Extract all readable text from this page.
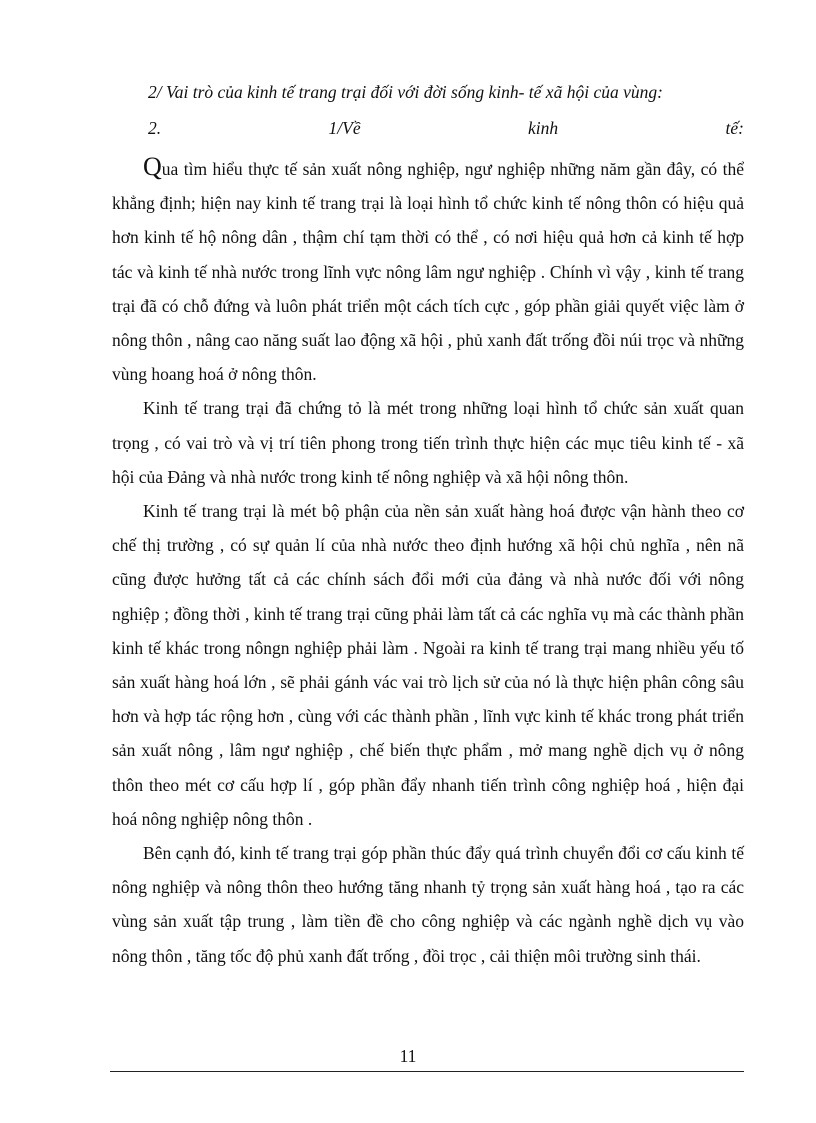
2/ Vai trò của kinh tế trang trại đối với đời sống kinh- tế xã hội của vùng:
2.	1/Về	kinh	tế:

Qua tìm hiểu thực tế sản xuất nông nghiệp, ngư nghiệp những năm gần đây, có thể khẳng định; hiện nay kinh tế trang trại là loại hình tổ chức kinh tế nông thôn có hiệu quả hơn kinh tế hộ nông dân , thậm chí tạm thời có thể , có nơi hiệu quả hơn cả kinh tế hợp tác và kinh tế nhà nước trong lĩnh vực nông lâm ngư nghiệp . Chính vì vậy , kinh tế trang trại đã có chỗ đứng và luôn phát triển một cách tích cực , góp phần giải quyết việc làm ở nông thôn , nâng cao năng suất lao động xã hội , phủ xanh đất trống đồi núi trọc và những vùng hoang hoá ở nông thôn.

Kinh tế trang trại đã chứng tỏ là mét trong những loại hình tổ chức sản xuất quan trọng , có vai trò và vị trí tiên phong trong tiến trình thực hiện các mục tiêu kinh tế - xã hội của Đảng và nhà nước trong kinh tế nông nghiệp và xã hội nông thôn.

Kinh tế trang trại là mét bộ phận của nền sản xuất hàng hoá được vận hành theo cơ chế thị trường , có sự quản lí của nhà nước theo định hướng xã hội chủ nghĩa , nên nã cũng được hưởng tất cả các chính sách đổi mới của đảng và nhà nước đối với nông nghiệp ; đồng thời , kinh tế trang trại cũng phải làm tất cả các nghĩa vụ mà các thành phần kinh tế khác trong nôngn nghiệp phải làm . Ngoài ra kinh tế trang trại mang nhiều yếu tố sản xuất hàng hoá lớn , sẽ phải gánh vác vai trò lịch sử của nó là thực hiện phân công sâu hơn và hợp tác rộng hơn , cùng với các thành phần , lĩnh vực kinh tế khác trong phát triển sản xuất nông , lâm ngư nghiệp , chế biến thực phẩm , mở mang nghề dịch vụ ở nông thôn theo mét cơ cấu hợp lí , góp phần đẩy nhanh tiến trình công nghiệp hoá , hiện đại hoá nông nghiệp nông thôn .

Bên cạnh đó, kinh tế trang trại góp phần thúc đẩy quá trình chuyển đổi cơ cấu kinh tế nông nghiệp và nông thôn theo hướng tăng nhanh tỷ trọng sản xuất hàng hoá , tạo ra các vùng sản xuất tập trung , làm tiền đề cho công nghiệp và các ngành nghề dịch vụ vào nông thôn , tăng tốc độ phủ xanh đất trống , đồi trọc , cải thiện môi trường sinh thái.

11
